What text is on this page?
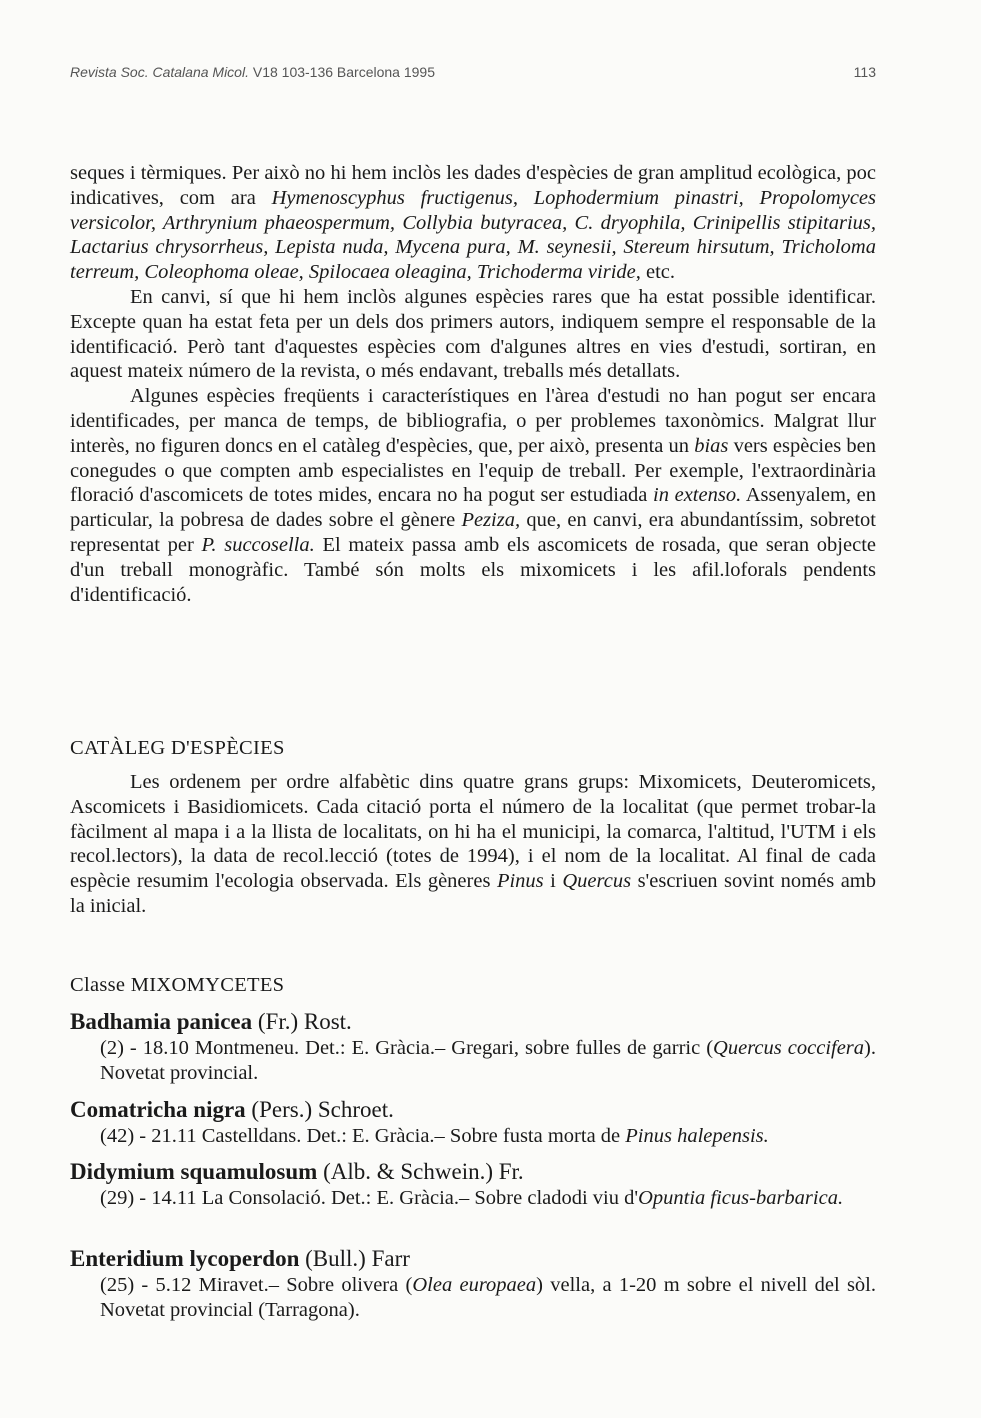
Revista Soc. Catalana Micol. V18 103-136 Barcelona 1995	113

seques i tèrmiques. Per això no hi hem inclòs les dades d'espècies de gran amplitud ecològica, poc indicatives, com ara Hymenoscyphus fructigenus, Lophodermium pinastri, Propolomyces versicolor, Arthrynium phaeospermum, Collybia butyracea, C. dryophila, Crinipellis stipitarius, Lactarius chrysorrheus, Lepista nuda, Mycena pura, M. seynesii, Stereum hirsutum, Tricholoma terreum, Coleophoma oleae, Spilocaea oleagina, Trichoderma viride, etc.

En canvi, sí que hi hem inclòs algunes espècies rares que ha estat possible identificar. Excepte quan ha estat feta per un dels dos primers autors, indiquem sempre el responsable de la identificació. Però tant d'aquestes espècies com d'algunes altres en vies d'estudi, sortiran, en aquest mateix número de la revista, o més endavant, treballs més detallats.

Algunes espècies freqüents i característiques en l'àrea d'estudi no han pogut ser encara identificades, per manca de temps, de bibliografia, o per problemes taxonòmics. Malgrat llur interès, no figuren doncs en el catàleg d'espècies, que, per això, presenta un bias vers espècies ben conegudes o que compten amb especialistes en l'equip de treball. Per exemple, l'extraordinària floració d'ascomicets de totes mides, encara no ha pogut ser estudiada in extenso. Assenyalem, en particular, la pobresa de dades sobre el gènere Peziza, que, en canvi, era abundantíssim, sobretot representat per P. succosella. El mateix passa amb els ascomicets de rosada, que seran objecte d'un treball monogràfic. També són molts els mixomicets i les afil.loforals pendents d'identificació.

CATÀLEG D'ESPÈCIES

Les ordenem per ordre alfabètic dins quatre grans grups: Mixomicets, Deuteromicets, Ascomicets i Basidiomicets. Cada citació porta el número de la localitat (que permet trobar-la fàcilment al mapa i a la llista de localitats, on hi ha el municipi, la comarca, l'altitud, l'UTM i els recol.lectors), la data de recol.lecció (totes de 1994), i el nom de la localitat. Al final de cada espècie resumim l'ecologia observada. Els gèneres Pinus i Quercus s'escriuen sovint només amb la inicial.

Classe MIXOMYCETES
Badhamia panicea (Fr.) Rost.
(2) - 18.10 Montmeneu. Det.: E. Gràcia.– Gregari, sobre fulles de garric (Quercus coccifera). Novetat provincial.
Comatricha nigra (Pers.) Schroet.
(42) - 21.11 Castelldans. Det.: E. Gràcia.– Sobre fusta morta de Pinus halepensis.
Didymium squamulosum (Alb. & Schwein.) Fr.
(29) - 14.11 La Consolació. Det.: E. Gràcia.– Sobre cladodi viu d'Opuntia ficus-barbarica.
Enteridium lycoperdon (Bull.) Farr
(25) - 5.12 Miravet.– Sobre olivera (Olea europaea) vella, a 1-20 m sobre el nivell del sòl. Novetat provincial (Tarragona).
